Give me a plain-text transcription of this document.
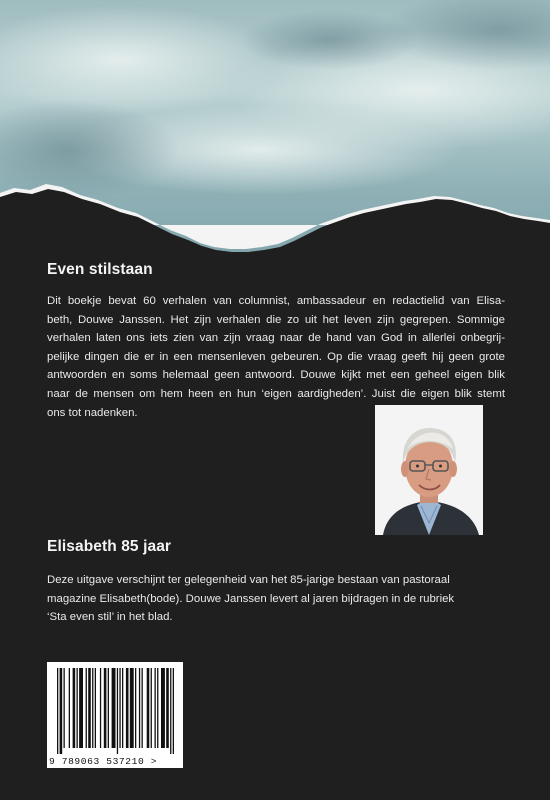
Even stilstaan
Dit boekje bevat 60 verhalen van columnist, ambassadeur en redactielid van Elisa-
beth, Douwe Janssen. Het zijn verhalen die zo uit het leven zijn gegrepen. Sommige
verhalen laten ons iets zien van zijn vraag naar de hand van God in allerlei onbegrij-
pelijke dingen die er in een mensenleven gebeuren. Op die vraag geeft hij geen grote
antwoorden en soms helemaal geen antwoord. Douwe kijkt met een geheel eigen blik
naar de mensen om hem heen en hun ‘eigen aardigheden’. Juist die eigen blik stemt
ons tot nadenken.
Elisabeth 85 jaar
Deze uitgave verschijnt ter gelegenheid van het 85-jarige bestaan van pastoraal
magazine Elisabeth(bode). Douwe Janssen levert al jaren bijdragen in de rubriek
‘Sta even stil’ in het blad.
9 789063 537210 >
